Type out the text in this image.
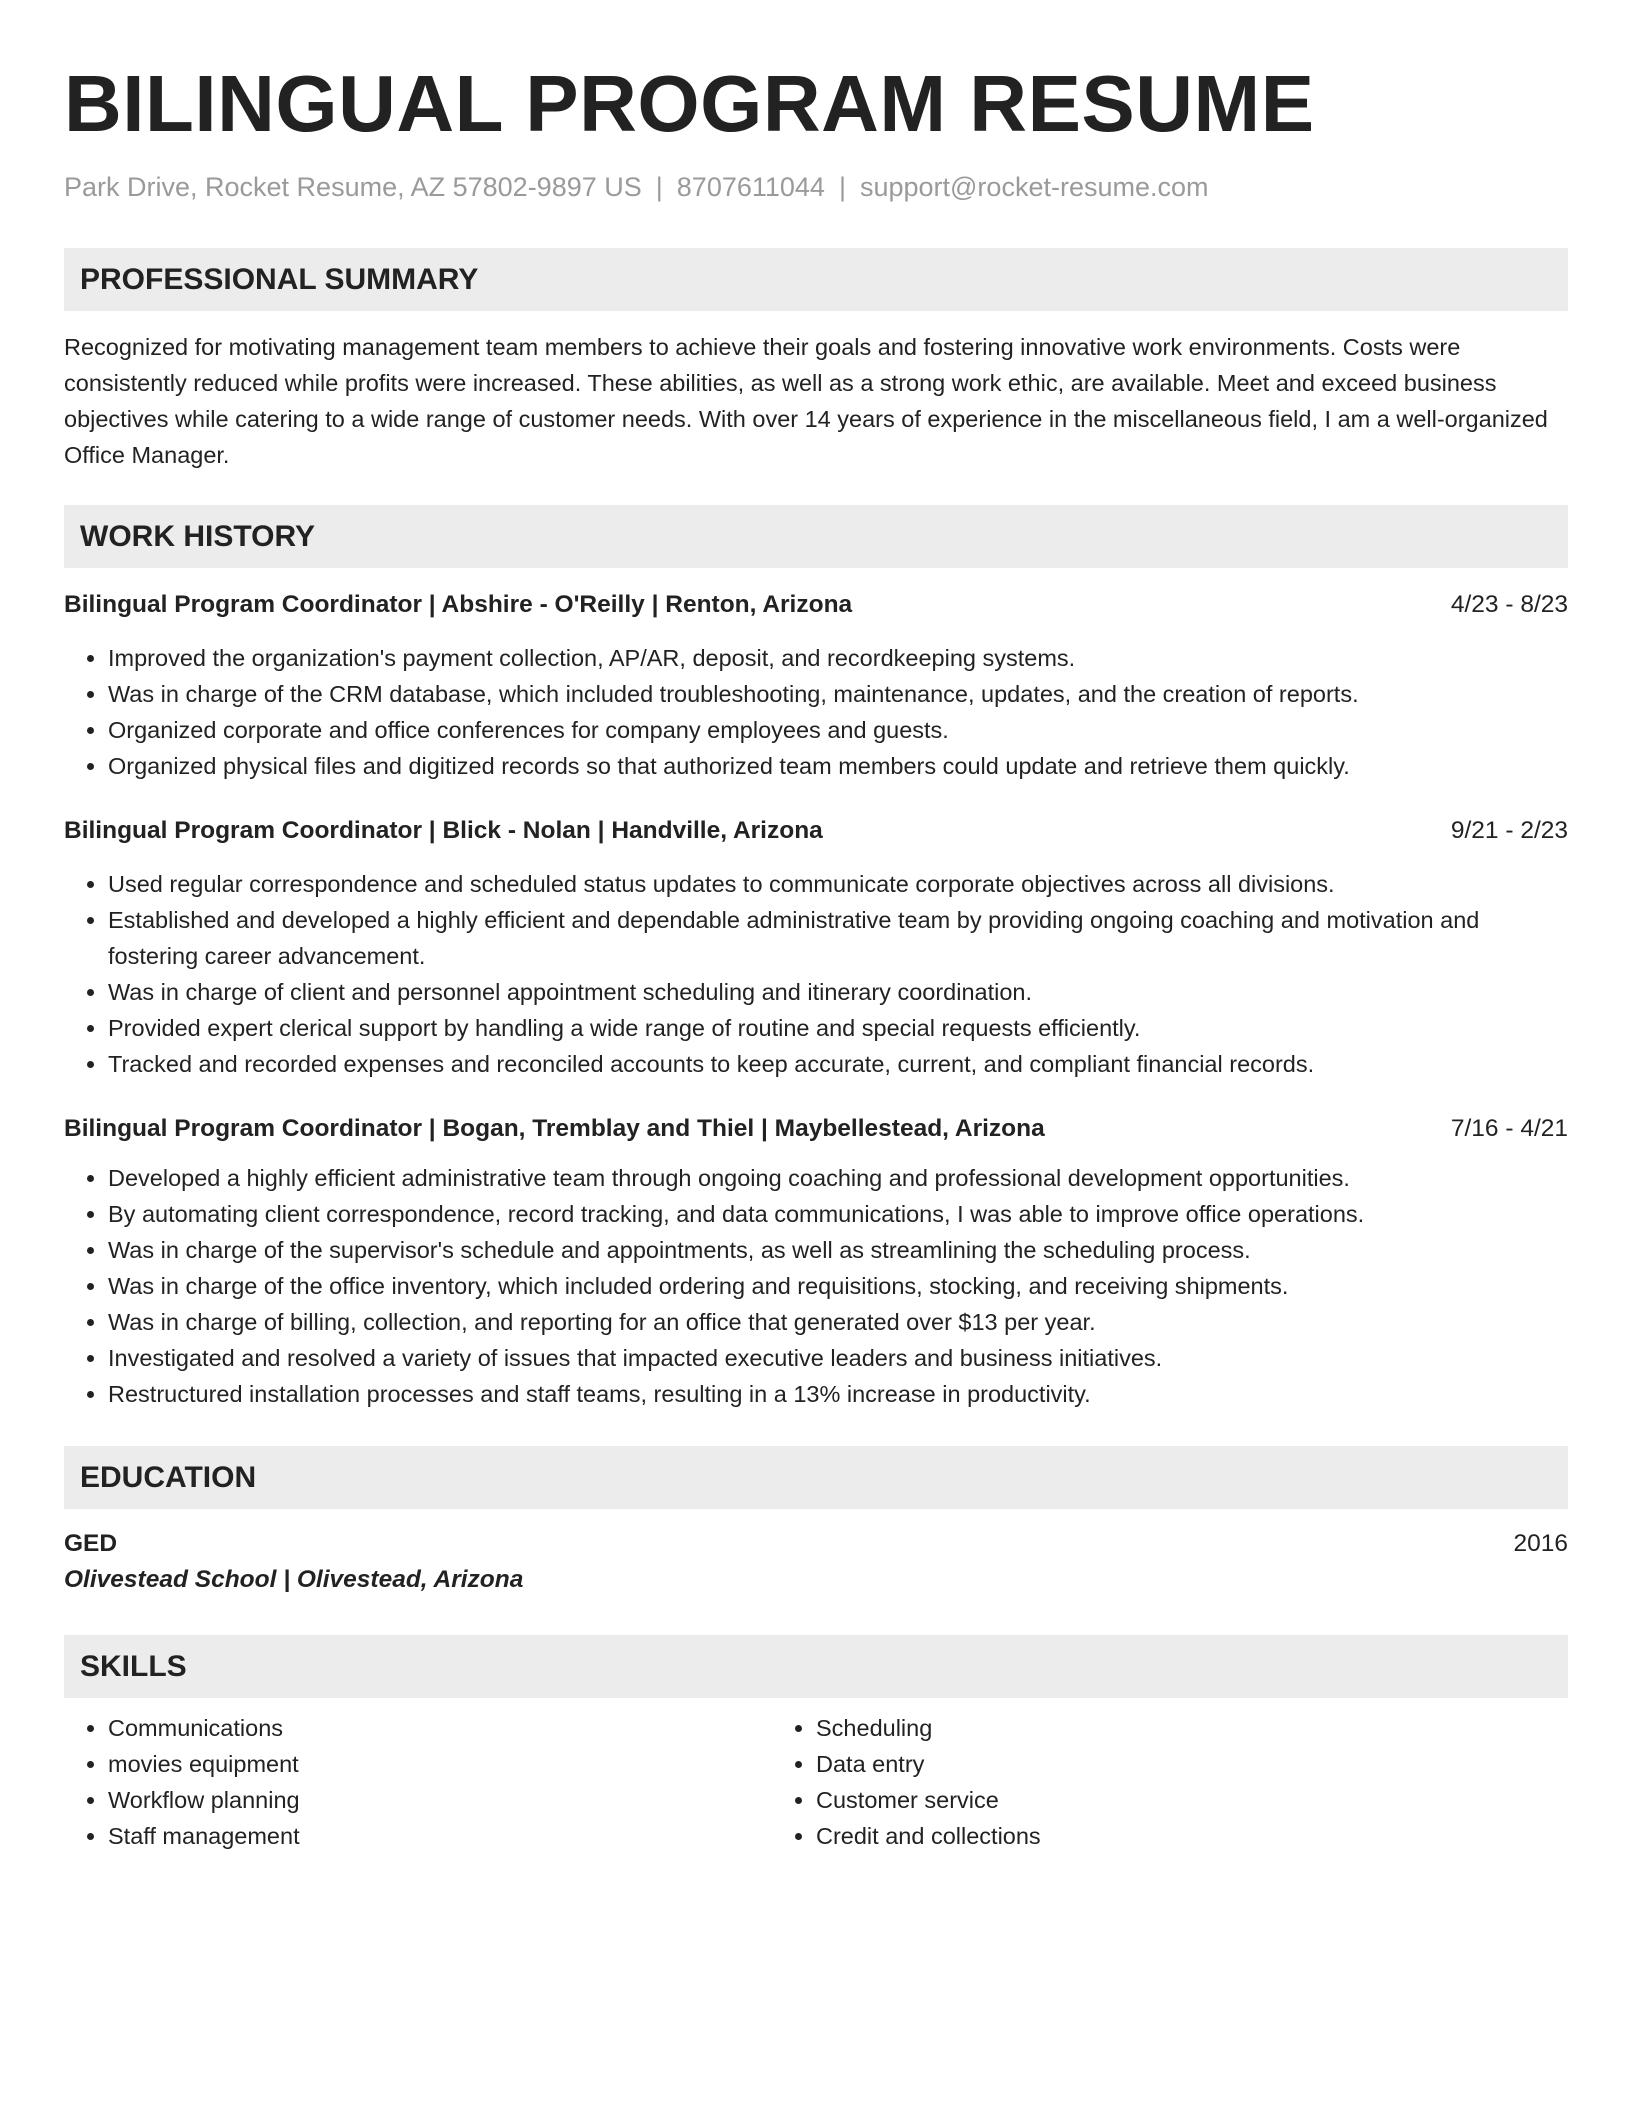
BILINGUAL PROGRAM RESUME
Park Drive, Rocket Resume, AZ 57802-9897 US | 8707611044 | support@rocket-resume.com
PROFESSIONAL SUMMARY
Recognized for motivating management team members to achieve their goals and fostering innovative work environments. Costs were consistently reduced while profits were increased. These abilities, as well as a strong work ethic, are available. Meet and exceed business objectives while catering to a wide range of customer needs. With over 14 years of experience in the miscellaneous field, I am a well-organized Office Manager.
WORK HISTORY
Bilingual Program Coordinator | Abshire - O'Reilly | Renton, Arizona	4/23 - 8/23
• Improved the organization's payment collection, AP/AR, deposit, and recordkeeping systems.
• Was in charge of the CRM database, which included troubleshooting, maintenance, updates, and the creation of reports.
• Organized corporate and office conferences for company employees and guests.
• Organized physical files and digitized records so that authorized team members could update and retrieve them quickly.
Bilingual Program Coordinator | Blick - Nolan | Handville, Arizona	9/21 - 2/23
• Used regular correspondence and scheduled status updates to communicate corporate objectives across all divisions.
• Established and developed a highly efficient and dependable administrative team by providing ongoing coaching and motivation and fostering career advancement.
• Was in charge of client and personnel appointment scheduling and itinerary coordination.
• Provided expert clerical support by handling a wide range of routine and special requests efficiently.
• Tracked and recorded expenses and reconciled accounts to keep accurate, current, and compliant financial records.
Bilingual Program Coordinator | Bogan, Tremblay and Thiel | Maybellestead, Arizona	7/16 - 4/21
• Developed a highly efficient administrative team through ongoing coaching and professional development opportunities.
• By automating client correspondence, record tracking, and data communications, I was able to improve office operations.
• Was in charge of the supervisor's schedule and appointments, as well as streamlining the scheduling process.
• Was in charge of the office inventory, which included ordering and requisitions, stocking, and receiving shipments.
• Was in charge of billing, collection, and reporting for an office that generated over $13 per year.
• Investigated and resolved a variety of issues that impacted executive leaders and business initiatives.
• Restructured installation processes and staff teams, resulting in a 13% increase in productivity.
EDUCATION
GED	2016
Olivestead School | Olivestead, Arizona
SKILLS
• Communications
• movies equipment
• Workflow planning
• Staff management
• Scheduling
• Data entry
• Customer service
• Credit and collections
